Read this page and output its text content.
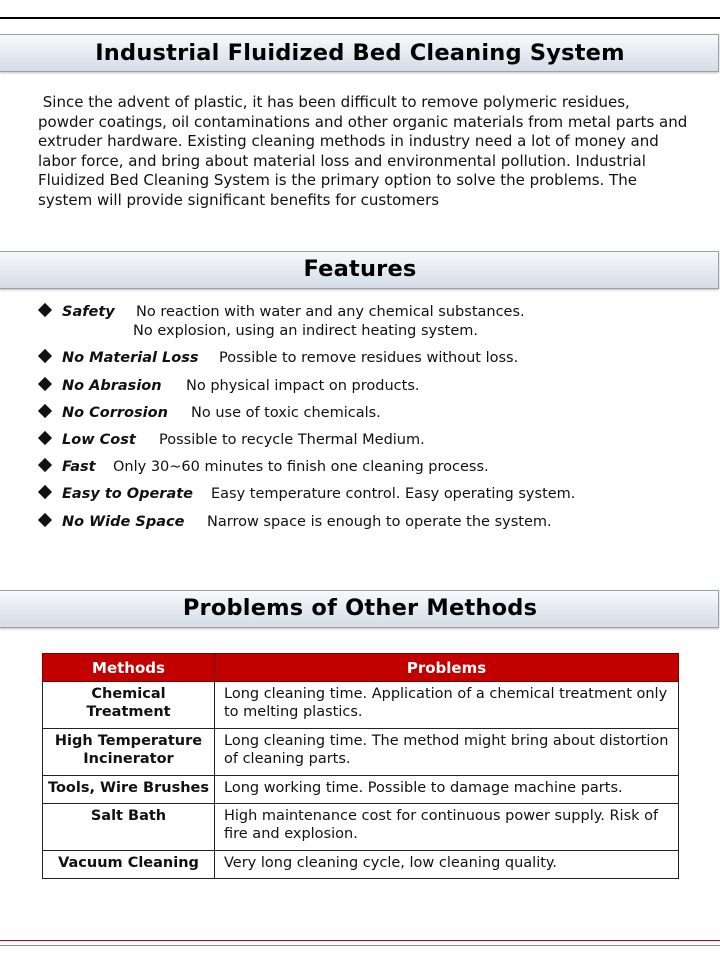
Industrial Fluidized Bed Cleaning System
Since the advent of plastic, it has been difficult to remove polymeric residues, powder coatings, oil contaminations and other organic materials from metal parts and extruder hardware. Existing cleaning methods in industry need a lot of money and labor force, and bring about material loss and environmental pollution. Industrial Fluidized Bed Cleaning System is the primary option to solve the problems. The system will provide significant benefits for customers
Features
Safety No reaction with water and any chemical substances.
No explosion, using an indirect heating system.
No Material Loss Possible to remove residues without loss.
No Abrasion No physical impact on products.
No Corrosion No use of toxic chemicals.
Low Cost Possible to recycle Thermal Medium.
Fast Only 30~60 minutes to finish one cleaning process.
Easy to Operate Easy temperature control. Easy operating system.
No Wide Space Narrow space is enough to operate the system.
Problems of Other Methods
Methods	Problems
Chemical Treatment	Long cleaning time. Application of a chemical treatment only  to melting plastics.
High Temperature Incinerator	Long cleaning time. The method might bring about distortion of cleaning parts.
Tools, Wire Brushes	Long working time. Possible to damage machine parts.
Salt Bath	High maintenance cost for continuous power supply. Risk of fire and explosion.
Vacuum Cleaning	Very long cleaning cycle, low cleaning quality.
